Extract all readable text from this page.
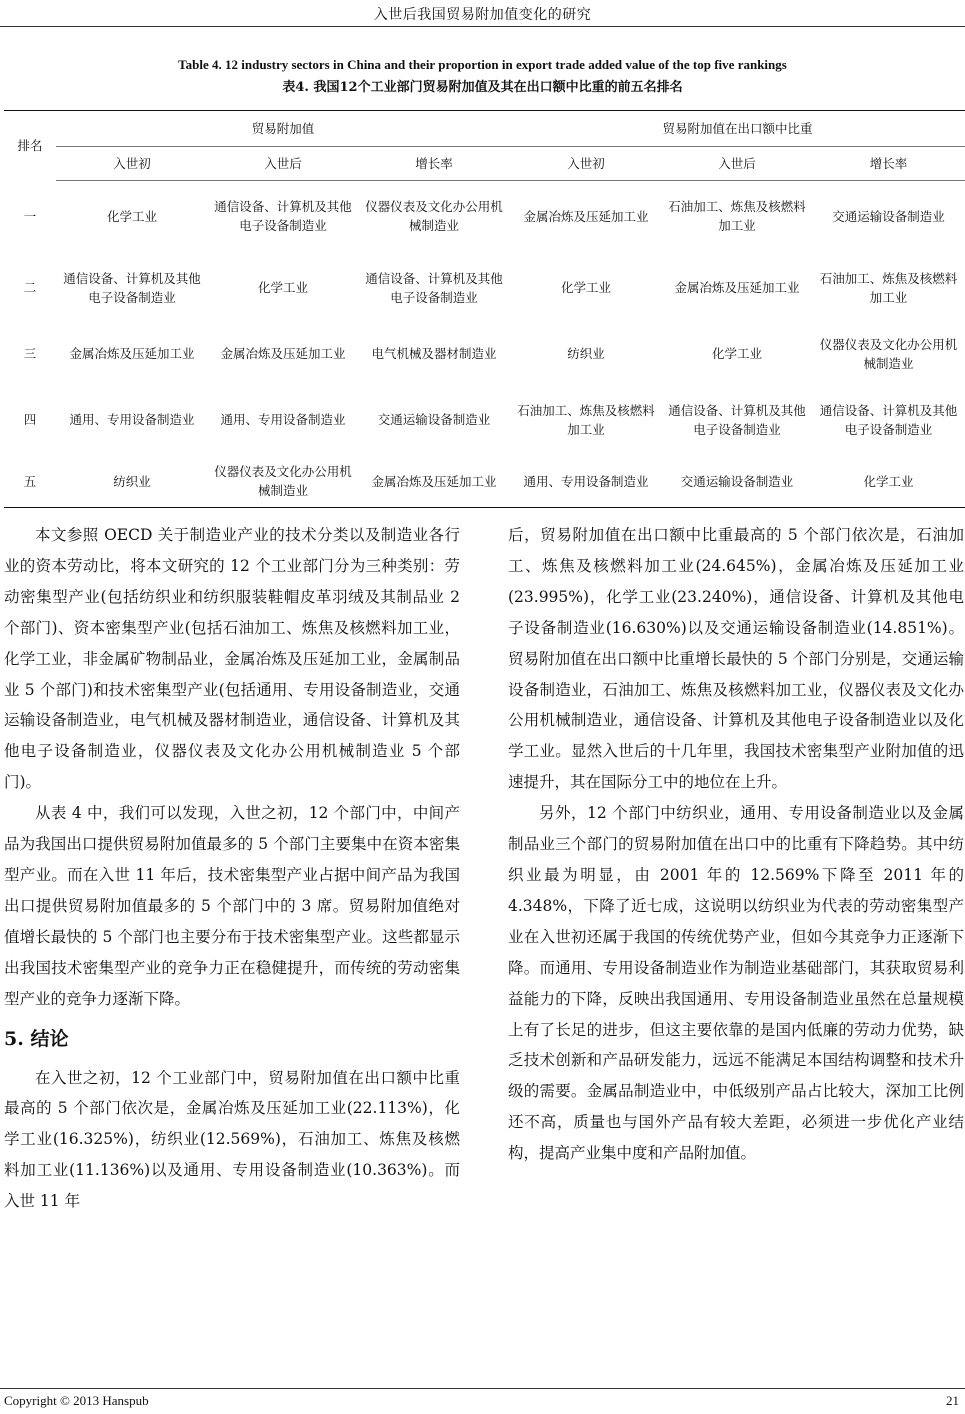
入世后我国贸易附加值变化的研究
Table 4. 12 industry sectors in China and their proportion in export trade added value of the top five rankings
表4. 我国12个工业部门贸易附加值及其在出口额中比重的前五名排名
排名	贸易附加值			贸易附加值在出口额中比重		
	入世初	入世后	增长率	入世初	入世后	增长率
一	化学工业	通信设备、计算机及其他电子设备制造业	仪器仪表及文化办公用机械制造业	金属冶炼及压延加工业	石油加工、炼焦及核燃料加工业	交通运输设备制造业
二	通信设备、计算机及其他电子设备制造业	化学工业	通信设备、计算机及其他电子设备制造业	化学工业	金属冶炼及压延加工业	石油加工、炼焦及核燃料加工业
三	金属冶炼及压延加工业	金属冶炼及压延加工业	电气机械及器材制造业	纺织业	化学工业	仪器仪表及文化办公用机械制造业
四	通用、专用设备制造业	通用、专用设备制造业	交通运输设备制造业	石油加工、炼焦及核燃料加工业	通信设备、计算机及其他电子设备制造业	通信设备、计算机及其他电子设备制造业
五	纺织业	仪器仪表及文化办公用机械制造业	金属冶炼及压延加工业	通用、专用设备制造业	交通运输设备制造业	化学工业

本文参照 OECD 关于制造业产业的技术分类以及制造业各行业的资本劳动比，将本文研究的 12 个工业部门分为三种类别：劳动密集型产业(包括纺织业和纺织服装鞋帽皮革羽绒及其制品业 2 个部门)、资本密集型产业(包括石油加工、炼焦及核燃料加工业，化学工业，非金属矿物制品业，金属冶炼及压延加工业，金属制品业 5 个部门)和技术密集型产业(包括通用、专用设备制造业，交通运输设备制造业，电气机械及器材制造业，通信设备、计算机及其他电子设备制造业，仪器仪表及文化办公用机械制造业 5 个部门)。

从表 4 中，我们可以发现，入世之初，12 个部门中，中间产品为我国出口提供贸易附加值最多的 5 个部门主要集中在资本密集型产业。而在入世 11 年后，技术密集型产业占据中间产品为我国出口提供贸易附加值最多的 5 个部门中的 3 席。贸易附加值绝对值增长最快的 5 个部门也主要分布于技术密集型产业。这些都显示出我国技术密集型产业的竞争力正在稳健提升，而传统的劳动密集型产业的竞争力逐渐下降。

5. 结论

在入世之初，12 个工业部门中，贸易附加值在出口额中比重最高的 5 个部门依次是，金属冶炼及压延加工业(22.113%)，化学工业(16.325%)，纺织业(12.569%)，石油加工、炼焦及核燃料加工业(11.136%)以及通用、专用设备制造业(10.363%)。而入世 11 年

后，贸易附加值在出口额中比重最高的 5 个部门依次是，石油加工、炼焦及核燃料加工业(24.645%)，金属冶炼及压延加工业(23.995%)，化学工业(23.240%)，通信设备、计算机及其他电子设备制造业(16.630%)以及交通运输设备制造业(14.851%)。贸易附加值在出口额中比重增长最快的 5 个部门分别是，交通运输设备制造业，石油加工、炼焦及核燃料加工业，仪器仪表及文化办公用机械制造业，通信设备、计算机及其他电子设备制造业以及化学工业。显然入世后的十几年里，我国技术密集型产业附加值的迅速提升，其在国际分工中的地位在上升。

另外，12 个部门中纺织业，通用、专用设备制造业以及金属制品业三个部门的贸易附加值在出口中的比重有下降趋势。其中纺织业最为明显，由 2001 年的 12.569%下降至 2011 年的 4.348%，下降了近七成，这说明以纺织业为代表的劳动密集型产业在入世初还属于我国的传统优势产业，但如今其竞争力正逐渐下降。而通用、专用设备制造业作为制造业基础部门，其获取贸易利益能力的下降，反映出我国通用、专用设备制造业虽然在总量规模上有了长足的进步，但这主要依靠的是国内低廉的劳动力优势，缺乏技术创新和产品研发能力，远远不能满足本国结构调整和技术升级的需要。金属品制造业中，中低级别产品占比较大，深加工比例还不高，质量也与国外产品有较大差距，必须进一步优化产业结构，提高产业集中度和产品附加值。

Copyright © 2013 Hanspub	21
